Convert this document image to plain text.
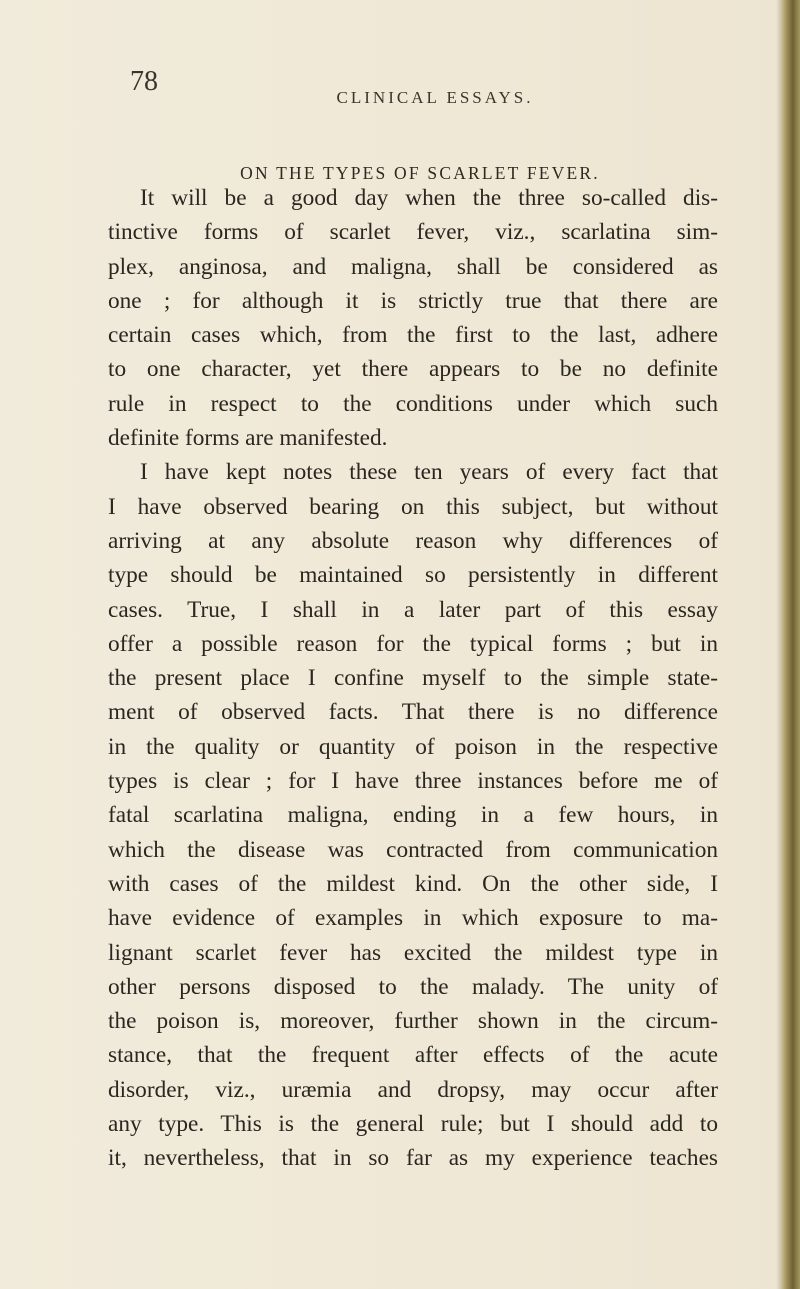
78
CLINICAL ESSAYS.
ON THE TYPES OF SCARLET FEVER.
It will be a good day when the three so-called dis-
tinctive forms of scarlet fever, viz., scarlatina sim-
plex, anginosa, and maligna, shall be considered as
one ; for although it is strictly true that there are
certain cases which, from the first to the last, adhere
to one character, yet there appears to be no definite
rule in respect to the conditions under which such
definite forms are manifested.
I have kept notes these ten years of every fact that
I have observed bearing on this subject, but without
arriving at any absolute reason why differences of
type should be maintained so persistently in different
cases. True, I shall in a later part of this essay
offer a possible reason for the typical forms ; but in
the present place I confine myself to the simple state-
ment of observed facts. That there is no difference
in the quality or quantity of poison in the respective
types is clear ; for I have three instances before me of
fatal scarlatina maligna, ending in a few hours, in
which the disease was contracted from communication
with cases of the mildest kind. On the other side, I
have evidence of examples in which exposure to ma-
lignant scarlet fever has excited the mildest type in
other persons disposed to the malady. The unity of
the poison is, moreover, further shown in the circum-
stance, that the frequent after effects of the acute
disorder, viz., uræmia and dropsy, may occur after
any type. This is the general rule; but I should add to
it, nevertheless, that in so far as my experience teaches
